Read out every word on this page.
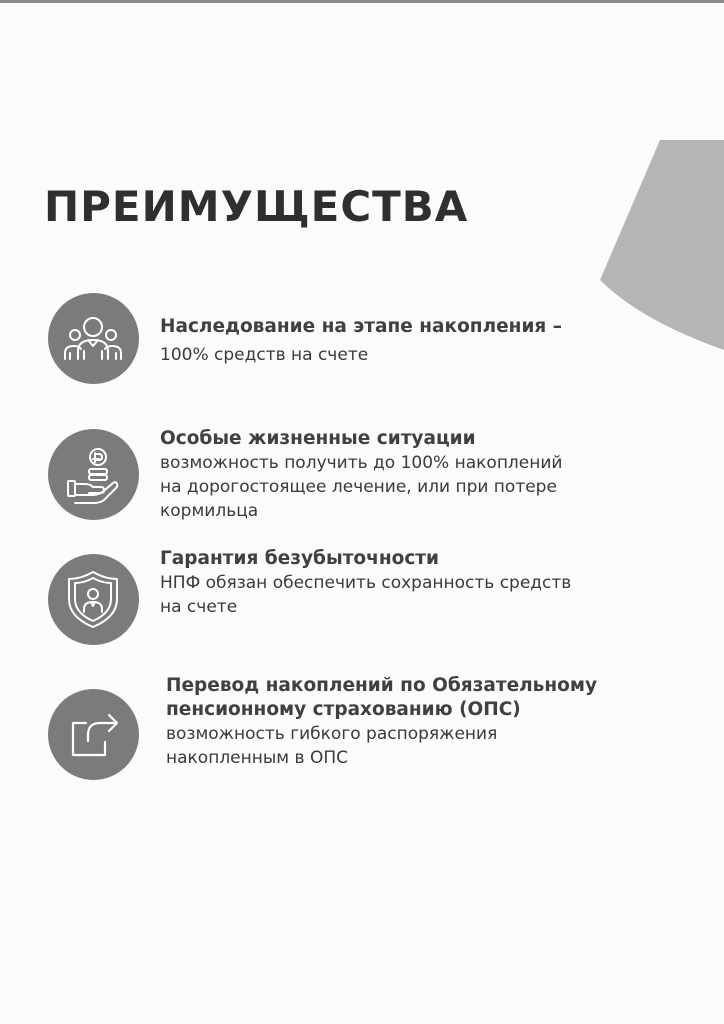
ПРЕИМУЩЕСТВА

Наследование на этапе накопления –

100% средств на счете

Особые жизненные ситуации

возможность получить до 100% накоплений

на дорогостоящее лечение, или при потере

кормильца

Гарантия безубыточности

НПФ обязан обеспечить сохранность средств

на счете

Перевод накоплений по Обязательному

пенсионному страхованию (ОПС)

возможность гибкого распоряжения

накопленным в ОПС
